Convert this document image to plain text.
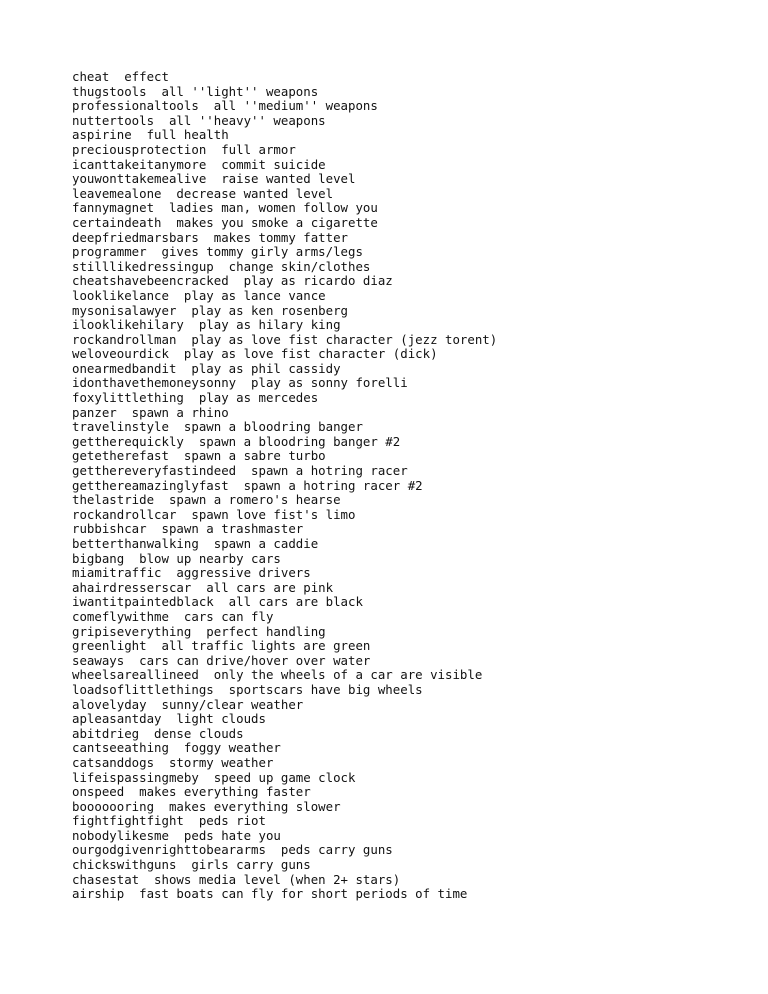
cheat  effect
thugstools  all ''light'' weapons
professionaltools  all ''medium'' weapons
nuttertools  all ''heavy'' weapons
aspirine  full health
preciousprotection  full armor
icanttakeitanymore  commit suicide
youwonttakemealive  raise wanted level
leavemealone  decrease wanted level
fannymagnet  ladies man, women follow you
certaindeath  makes you smoke a cigarette
deepfriedmarsbars  makes tommy fatter
programmer  gives tommy girly arms/legs
stilllikedressingup  change skin/clothes
cheatshavebeencracked  play as ricardo diaz
looklikelance  play as lance vance
mysonisalawyer  play as ken rosenberg
ilooklikehilary  play as hilary king
rockandrollman  play as love fist character (jezz torent)
weloveourdick  play as love fist character (dick)
onearmedbandit  play as phil cassidy
idonthavethemoneysonny  play as sonny forelli
foxylittlething  play as mercedes
panzer  spawn a rhino
travelinstyle  spawn a bloodring banger
gettherequickly  spawn a bloodring banger #2
getetherefast  spawn a sabre turbo
getthereveryfastindeed  spawn a hotring racer
getthereamazinglyfast  spawn a hotring racer #2
thelastride  spawn a romero's hearse
rockandrollcar  spawn love fist's limo
rubbishcar  spawn a trashmaster
betterthanwalking  spawn a caddie
bigbang  blow up nearby cars
miamitraffic  aggressive drivers
ahairdresserscar  all cars are pink
iwantitpaintedblack  all cars are black
comeflywithme  cars can fly
gripiseverything  perfect handling
greenlight  all traffic lights are green
seaways  cars can drive/hover over water
wheelsareallineed  only the wheels of a car are visible
loadsoflittlethings  sportscars have big wheels
alovelyday  sunny/clear weather
apleasantday  light clouds
abitdrieg  dense clouds
cantseeathing  foggy weather
catsanddogs  stormy weather
lifeispassingmeby  speed up game clock
onspeed  makes everything faster
booooooring  makes everything slower
fightfightfight  peds riot
nobodylikesme  peds hate you
ourgodgivenrighttobeararms  peds carry guns
chickswithguns  girls carry guns
chasestat  shows media level (when 2+ stars)
airship  fast boats can fly for short periods of time
